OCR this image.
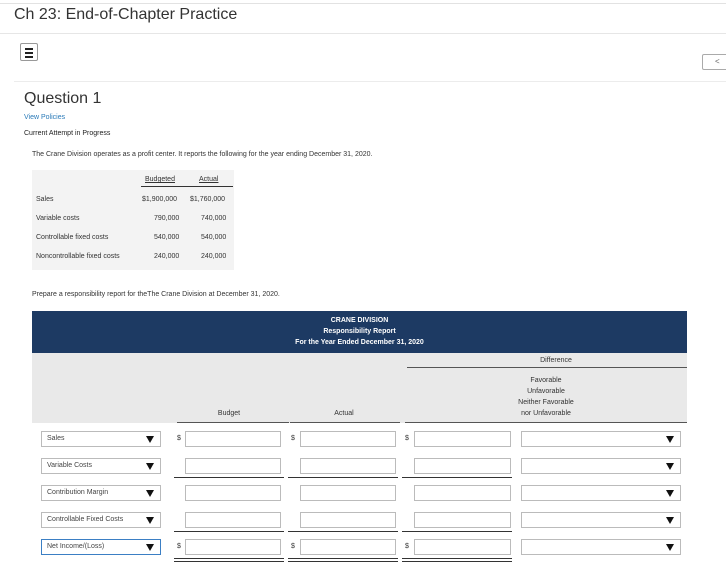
Ch 23: End-of-Chapter Practice
<
Question 1
View Policies
Current Attempt in Progress
The Crane Division operates as a profit center. It reports the following for the year ending December 31, 2020.
Budgeted	Actual
Sales	$1,900,000 $1,760,000
Variable costs	790,000	740,000
Controllable fixed costs	540,000	540,000
Noncontrollable fixed costs	240,000	240,000
Prepare a responsibility report for theThe Crane Division at December 31, 2020.
CRANE DIVISION
Responsibility Report
For the Year Ended December 31, 2020
Difference
Favorable
Unfavorable
Neither Favorable
nor Unfavorable
Budget	Actual
Sales	$	$	$
Variable Costs
Contribution Margin
Controllable Fixed Costs
Net Income/(Loss)	$	$	$
